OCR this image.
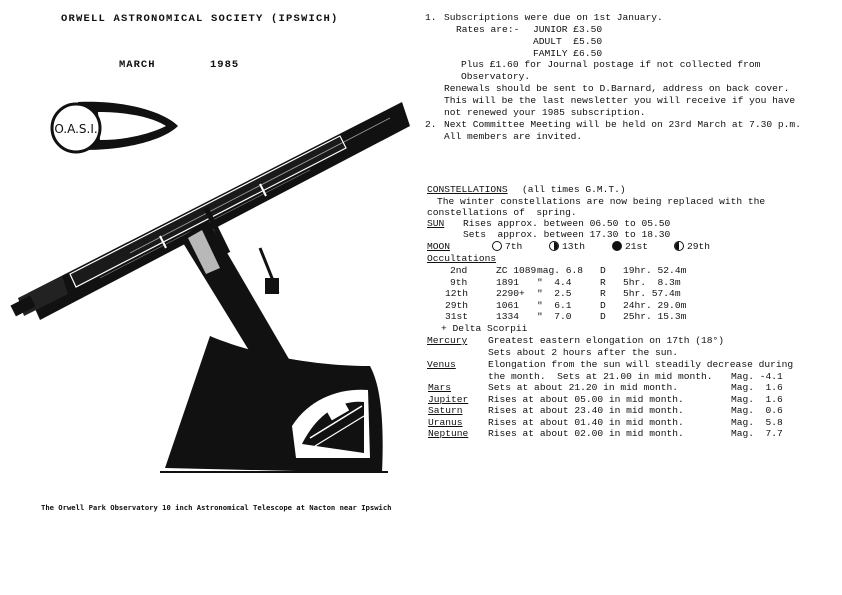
ORWELL ASTRONOMICAL SOCIETY (IPSWICH)
MARCH	1985
O.A.S.I.
The Orwell Park Observatory 10 inch Astronomical Telescope at Nacton near Ipswich
1. Subscriptions were due on 1st January.
Rates are:- JUNIOR £3.50
ADULT  £5.50
FAMILY £6.50
Plus £1.60 for Journal postage if not collected from
Observatory.
Renewals should be sent to D.Barnard, address on back cover.
This will be the last newsletter you will receive if you have
not renewed your 1985 subscription.
2. Next Committee Meeting will be held on 23rd March at 7.30 p.m.
All members are invited.
CONSTELLATIONS (all times G.M.T.)
The winter constellations are now being replaced with the
constellations of  spring.
SUN Rises approx. between 06.50 to 05.50
Sets  approx. between 17.30 to 18.30
MOON	7th	13th	21st	29th
Occultations
2nd	ZC 1089 mag. 6.8 D 19hr. 52.4m
9th	1891 "  4.4	R 5hr.  8.3m
12th	2290+ "  2.5	R 5hr. 57.4m
29th	1061 "  6.1	D 24hr. 29.0m
31st	1334 "  7.0	D 25hr. 15.3m
+ Delta Scorpii
Mercury Greatest eastern elongation on 17th (18°)
Sets about 2 hours after the sun.
Venus	Elongation from the sun will steadily decrease during
the month.  Sets at 21.00 in mid month. Mag. -4.1
Mars	Sets at about 21.20 in mid month.	Mag.  1.6
Jupiter Rises at about 05.00 in mid month.	Mag.  1.6
Saturn	Rises at about 23.40 in mid month.	Mag.  0.6
Uranus	Rises at about 01.40 in mid month.	Mag.  5.8
Neptune Rises at about 02.00 in mid month.	Mag.  7.7
